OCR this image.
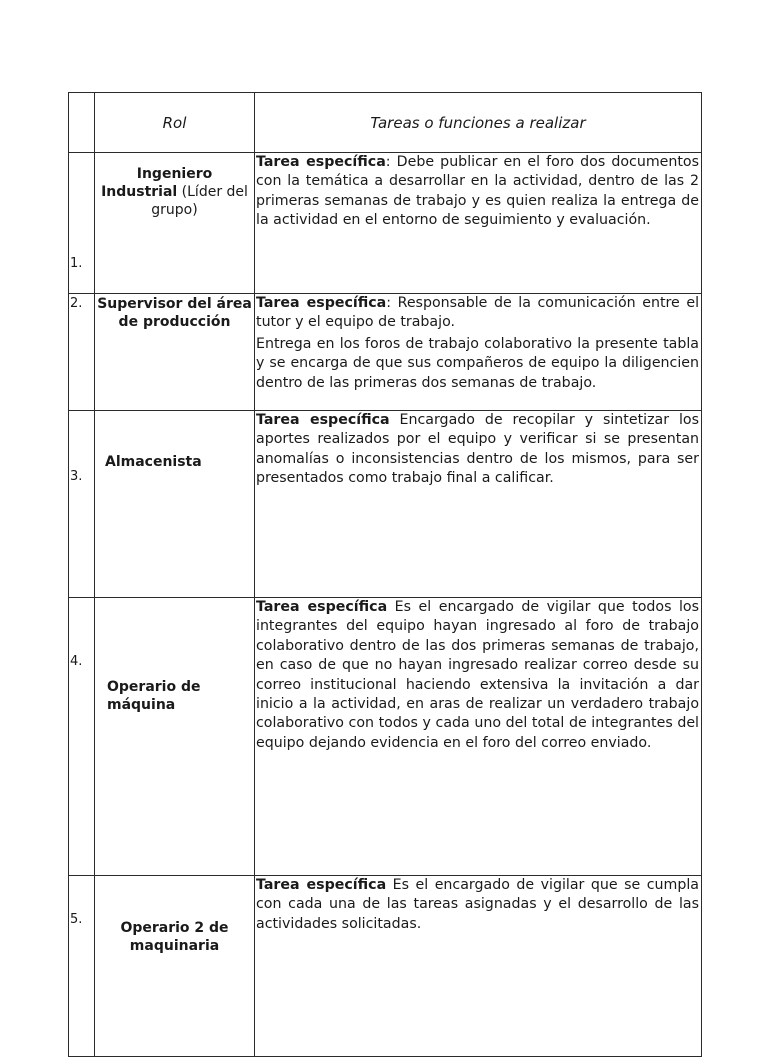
	Rol	Tareas o funciones a realizar
1.	Ingeniero Industrial (Líder del grupo)	Tarea específica: Debe publicar en el foro dos documentos con la temática a desarrollar en la actividad, dentro de las 2 primeras semanas de trabajo y es quien realiza la entrega de la actividad en el entorno de seguimiento y evaluación.
2.	Supervisor del área de producción	Tarea específica: Responsable de la comunicación entre el tutor y el equipo de trabajo.
Entrega en los foros de trabajo colaborativo la presente tabla y se encarga de que sus compañeros de equipo la diligencien dentro de las primeras dos semanas de trabajo.

3.	Almacenista	Tarea específica Encargado de recopilar y sintetizar los aportes realizados por el equipo y verificar si se presentan anomalías o inconsistencias dentro de los mismos, para ser presentados como trabajo final a calificar.
4.	Operario de máquina	Tarea específica Es el encargado de vigilar que todos los integrantes del equipo hayan ingresado al foro de trabajo colaborativo dentro de las dos primeras semanas de trabajo, en caso de que no hayan ingresado realizar correo desde su correo institucional haciendo extensiva la invitación a dar inicio a la actividad, en aras de realizar un verdadero trabajo colaborativo con todos y cada uno del total de integrantes del equipo dejando evidencia en el foro del correo enviado.
5.	Operario 2 de maquinaria	Tarea específica Es el encargado de vigilar que se cumpla con cada una de las tareas asignadas y el desarrollo de las actividades solicitadas.
